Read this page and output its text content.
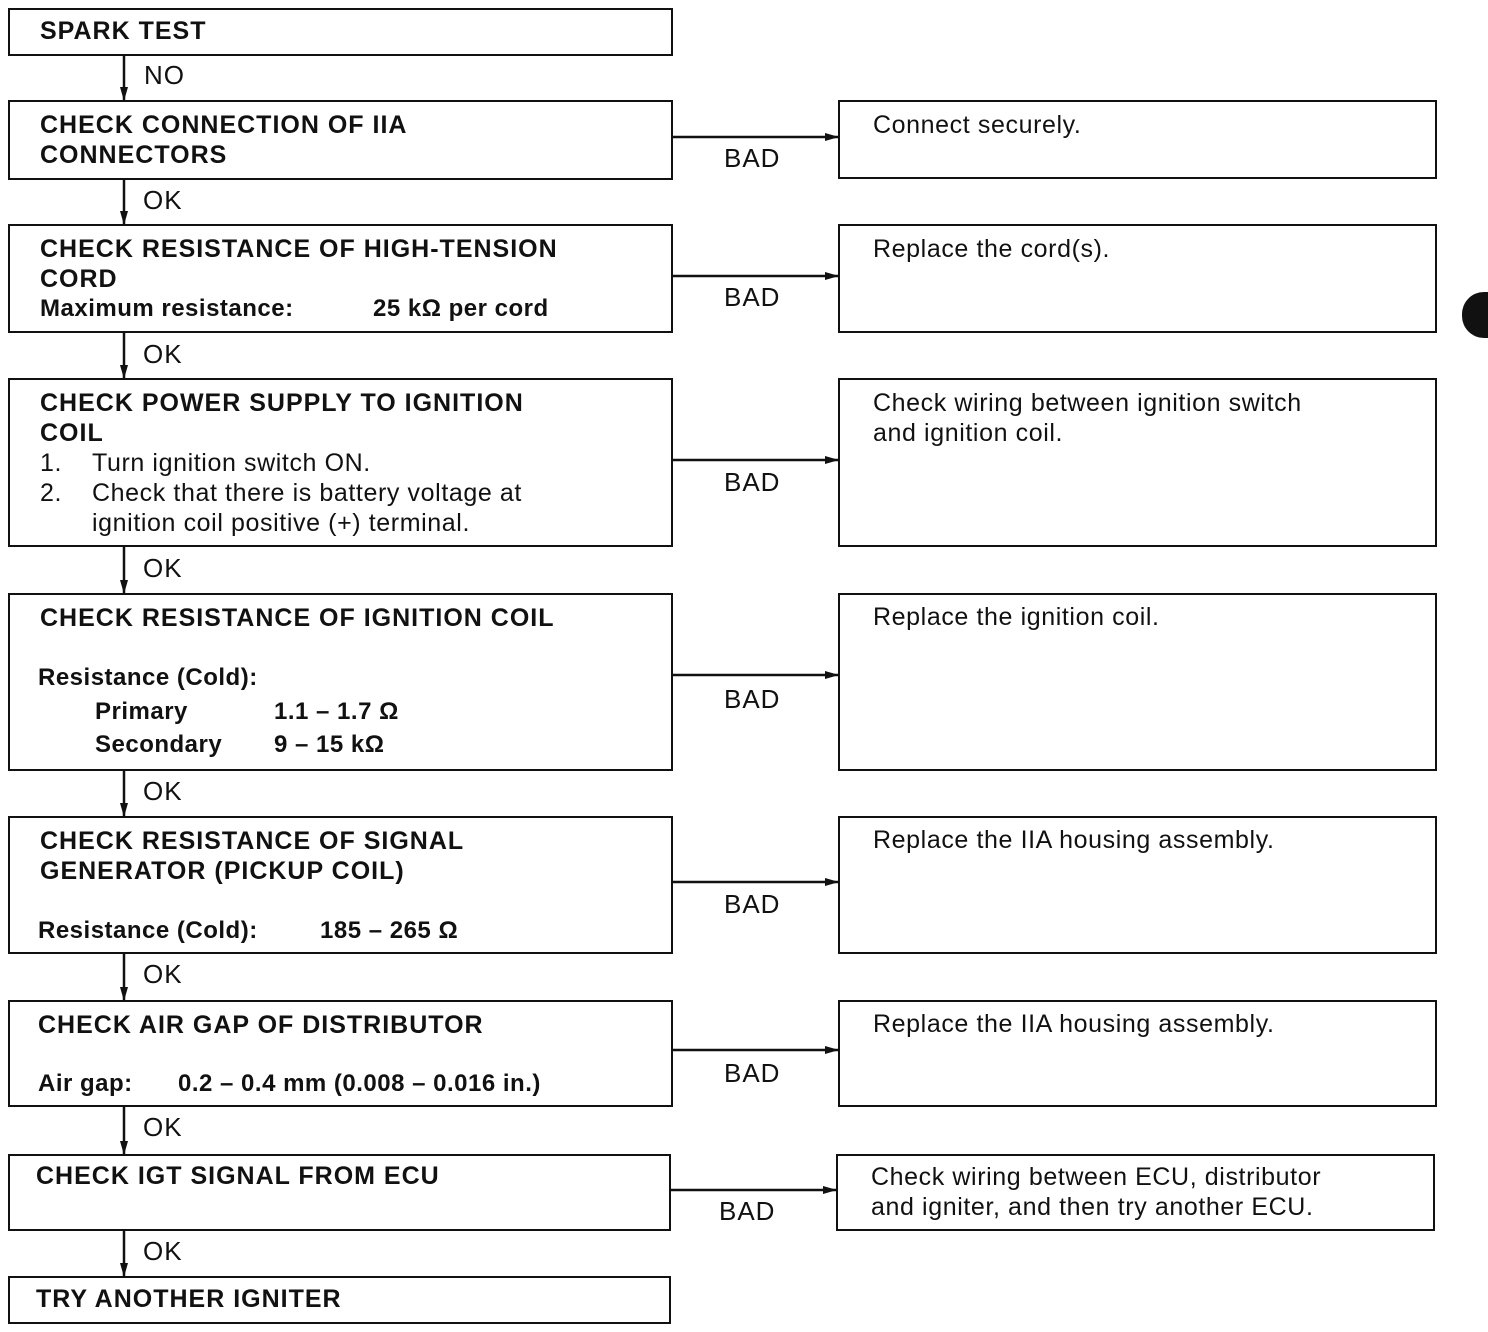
SPARK TEST
CHECK CONNECTION OF IIA
CONNECTORS
CHECK RESISTANCE OF HIGH-TENSION
CORD
Maximum resistance:	25 kΩ per cord
CHECK POWER SUPPLY TO IGNITION
COIL
1. Turn ignition switch ON.
2. Check that there is battery voltage at
ignition coil positive (+) terminal.
CHECK RESISTANCE OF IGNITION COIL
Resistance (Cold):
Primary	1.1 – 1.7 Ω
Secondary 9 – 15 kΩ
CHECK RESISTANCE OF SIGNAL
GENERATOR (PICKUP COIL)
Resistance (Cold):	185 – 265 Ω
CHECK AIR GAP OF DISTRIBUTOR
Air gap: 0.2 – 0.4 mm (0.008 – 0.016 in.)
CHECK IGT SIGNAL FROM ECU
TRY ANOTHER IGNITER
Connect securely.
Replace the cord(s).
Check wiring between ignition switch
and ignition coil.
Replace the ignition coil.
Replace the IIA housing assembly.
Replace the IIA housing assembly.
Check wiring between ECU, distributor
and igniter, and then try another ECU.
NO
OK
OK
OK
OK
OK
OK
OK
BAD
BAD
BAD
BAD
BAD
BAD
BAD
